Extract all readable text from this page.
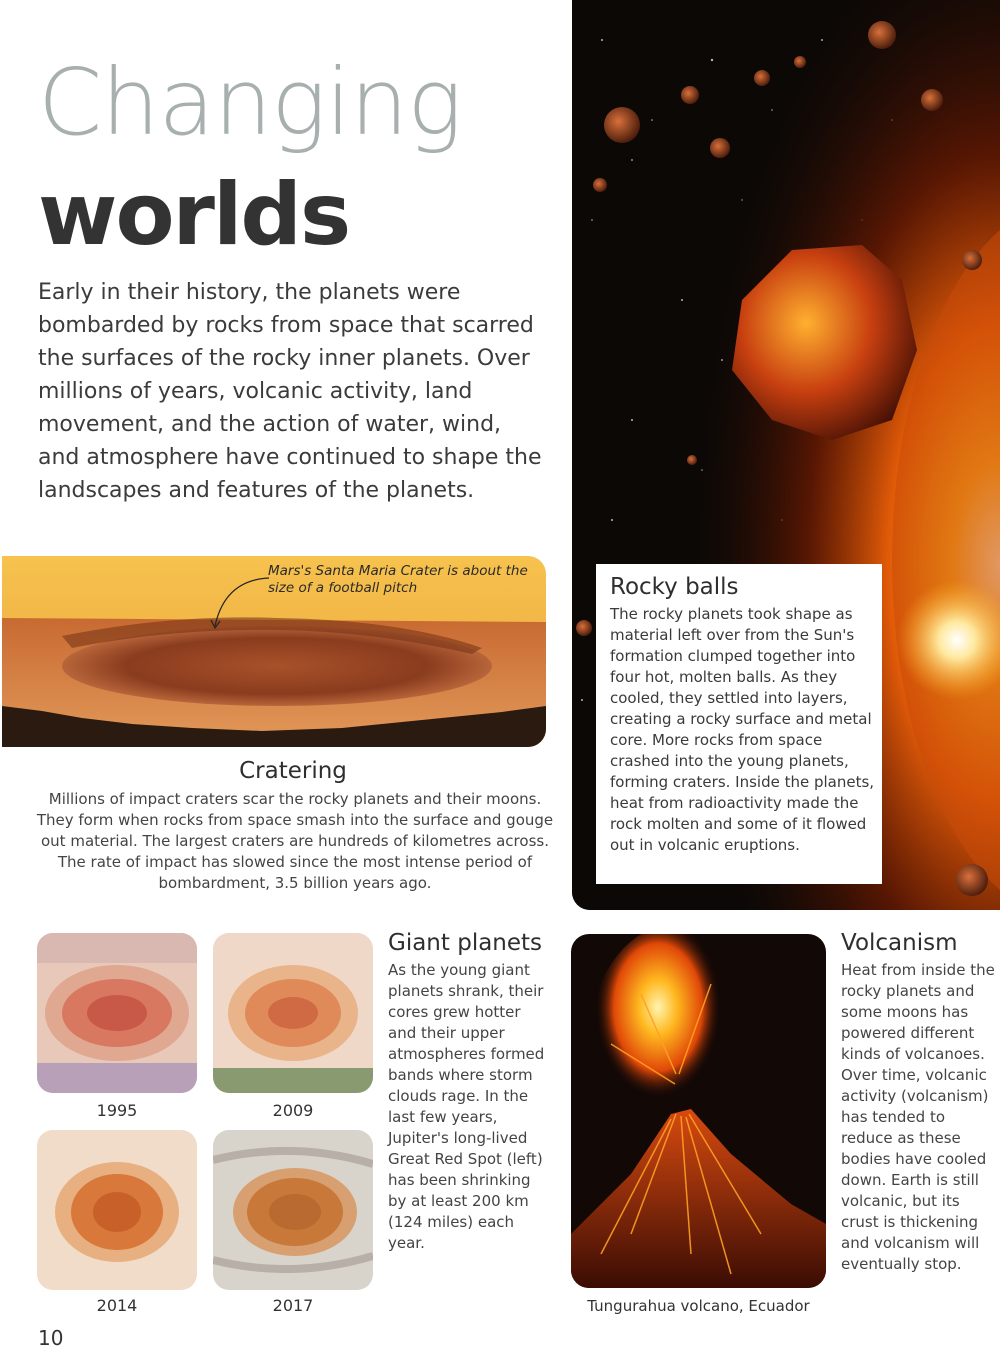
Changing
worlds
Early in their history, the planets were bombarded by rocks from space that scarred the surfaces of the rocky inner planets. Over millions of years, volcanic activity, land movement, and the action of water, wind, and atmosphere have continued to shape the landscapes and features of the planets.
Rocky balls
The rocky planets took shape as material left over from the Sun's formation clumped together into four hot, molten balls. As they cooled, they settled into layers, creating a rocky surface and metal core. More rocks from space crashed into the young planets, forming craters. Inside the planets, heat from radioactivity made the rock molten and some of it flowed out in volcanic eruptions.
Mars's Santa Maria Crater is about the size of a football pitch
Cratering
Millions of impact craters scar the rocky planets and their moons. They form when rocks from space smash into the surface and gouge out material. The largest craters are hundreds of kilometres across. The rate of impact has slowed since the most intense period of bombardment, 3.5 billion years ago.
1995	2009
2014	2017
Giant planets
As the young giant planets shrank, their cores grew hotter and their upper atmospheres formed bands where storm clouds rage. In the last few years, Jupiter's long-lived Great Red Spot (left) has been shrinking by at least 200 km (124 miles) each year.
Tungurahua volcano, Ecuador
Volcanism
Heat from inside the rocky planets and some moons has powered different kinds of volcanoes. Over time, volcanic activity (volcanism) has tended to reduce as these bodies have cooled down. Earth is still volcanic, but its crust is thickening and volcanism will eventually stop.
10
